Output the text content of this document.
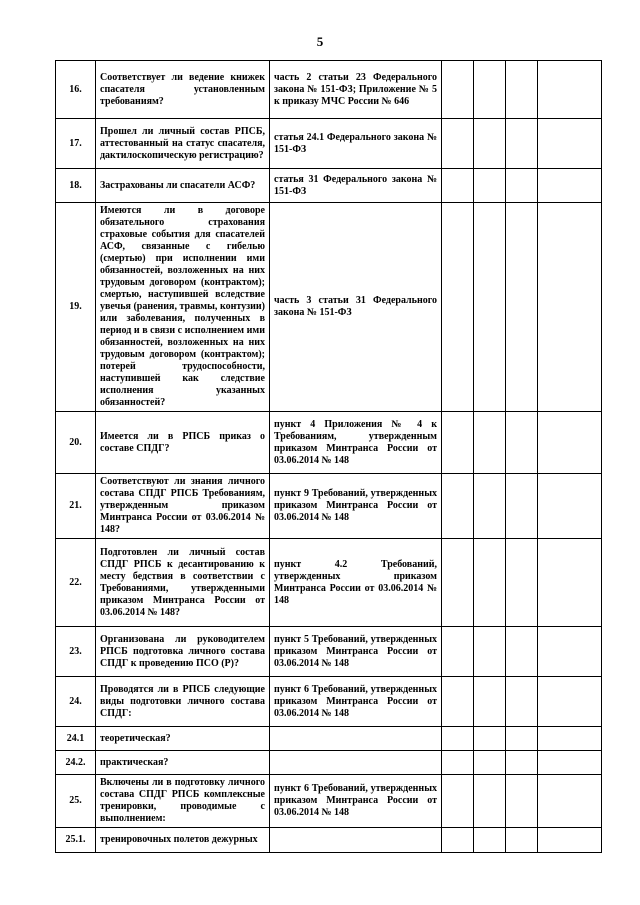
5
16.	Соответствует ли ведение книжек спасателя установленным требованиям?	часть 2 статьи 23 Федерального закона № 151-ФЗ; Приложение № 5 к приказу МЧС России № 646				
17.	Прошел ли личный состав РПСБ, аттестованный на статус спасателя, дактилоскопическую регистрацию?	статья 24.1 Федерального закона № 151-ФЗ				
18.	Застрахованы ли спасатели АСФ?	статья 31 Федерального закона № 151-ФЗ				
19.	Имеются ли в договоре обязательного страхования страховые события для спасателей АСФ, связанные с гибелью (смертью) при исполнении ими обязанностей, возложенных на них трудовым договором (контрактом); смертью, наступившей вследствие увечья (ранения, травмы, контузии) или заболевания, полученных в период и в связи с исполнением ими обязанностей, возложенных на них трудовым договором (контрактом); потерей трудоспособности, наступившей как следствие исполнения указанных обязанностей?	часть 3 статьи 31 Федерального закона № 151-ФЗ				
20.	Имеется ли в РПСБ приказ о составе СПДГ?	пункт 4 Приложения № 4 к Требованиям, утвержденным приказом Минтранса России от 03.06.2014 № 148				
21.	Соответствуют ли знания личного состава СПДГ РПСБ Требованиям, утвержденным приказом Минтранса России от 03.06.2014 № 148?	пункт 9 Требований, утвержденных приказом Минтранса России от 03.06.2014 № 148				
22.	Подготовлен ли личный состав СПДГ РПСБ к десантированию к месту бедствия в соответствии с Требованиями, утвержденными приказом Минтранса России от 03.06.2014 № 148?	пункт 4.2 Требований, утвержденных приказом Минтранса России от 03.06.2014 № 148				
23.	Организована ли руководителем РПСБ подготовка личного состава СПДГ к проведению ПСО (Р)?	пункт 5 Требований, утвержденных приказом Минтранса России от 03.06.2014 № 148				
24.	Проводятся ли в РПСБ следующие виды подготовки личного состава СПДГ:	пункт 6 Требований, утвержденных приказом Минтранса России от 03.06.2014 № 148				
24.1	теоретическая?					
24.2.	практическая?					
25.	Включены ли в подготовку личного состава СПДГ РПСБ комплексные тренировки, проводимые с выполнением:	пункт 6 Требований, утвержденных приказом Минтранса России от 03.06.2014 № 148				
25.1.	тренировочных полетов дежурных					
